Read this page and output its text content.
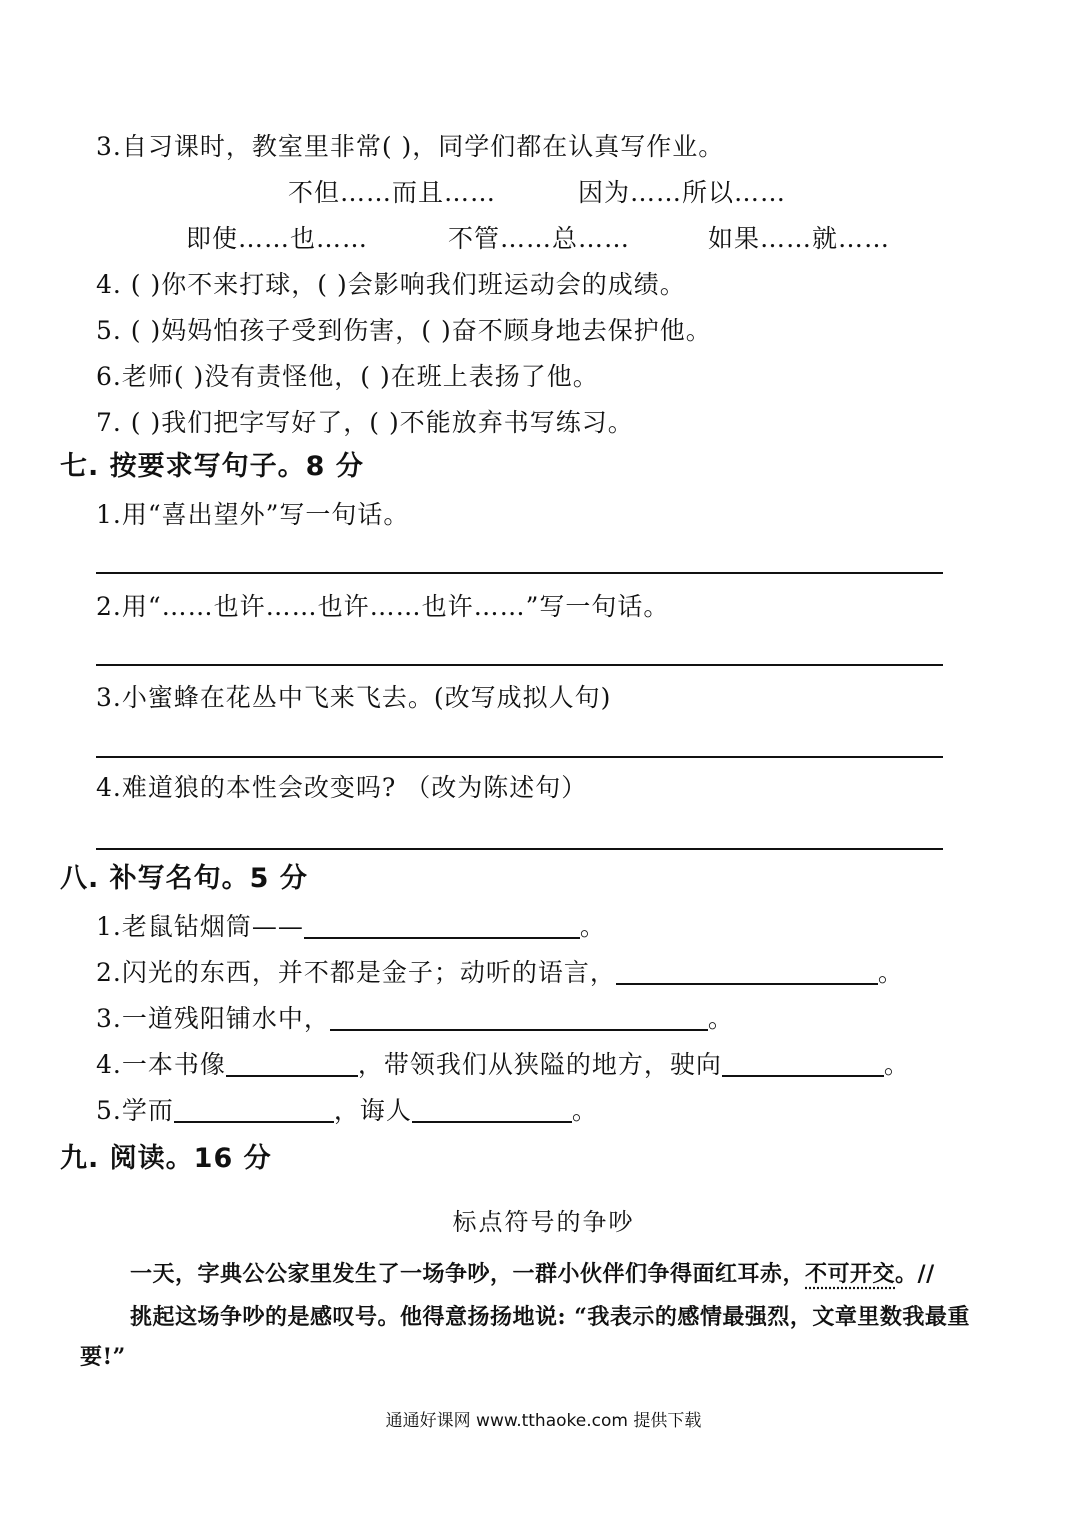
3.自习课时，教室里非常( )，同学们都在认真写作业。
不但……而且……	因为……所以……
即使……也……	不管……总……	如果……就……
4. ( )你不来打球，( )会影响我们班运动会的成绩。
5. ( )妈妈怕孩子受到伤害，( )奋不顾身地去保护他。
6.老师( )没有责怪他，( )在班上表扬了他。
7. ( )我们把字写好了，( )不能放弃书写练习。
七. 按要求写句子。8 分
1.用“喜出望外”写一句话。
2.用“……也许……也许……也许……”写一句话。
3.小蜜蜂在花丛中飞来飞去。(改写成拟人句)
4.难道狼的本性会改变吗? （改为陈述句）
八. 补写名句。5 分
1.老鼠钻烟筒——	。
2.闪光的东西，并不都是金子；动听的语言，	。
3.一道残阳铺水中，	。
4.一本书像	，带领我们从狭隘的地方，驶向	。
5.学而	，诲人	。
九. 阅读。16 分
标点符号的争吵
一天，字典公公家里发生了一场争吵，一群小伙伴们争得面红耳赤，不可开交。//
挑起这场争吵的是感叹号。他得意扬扬地说: “我表示的感情最强烈，文章里数我最重
要!”
通通好课网 www.tthaoke.com 提供下载
